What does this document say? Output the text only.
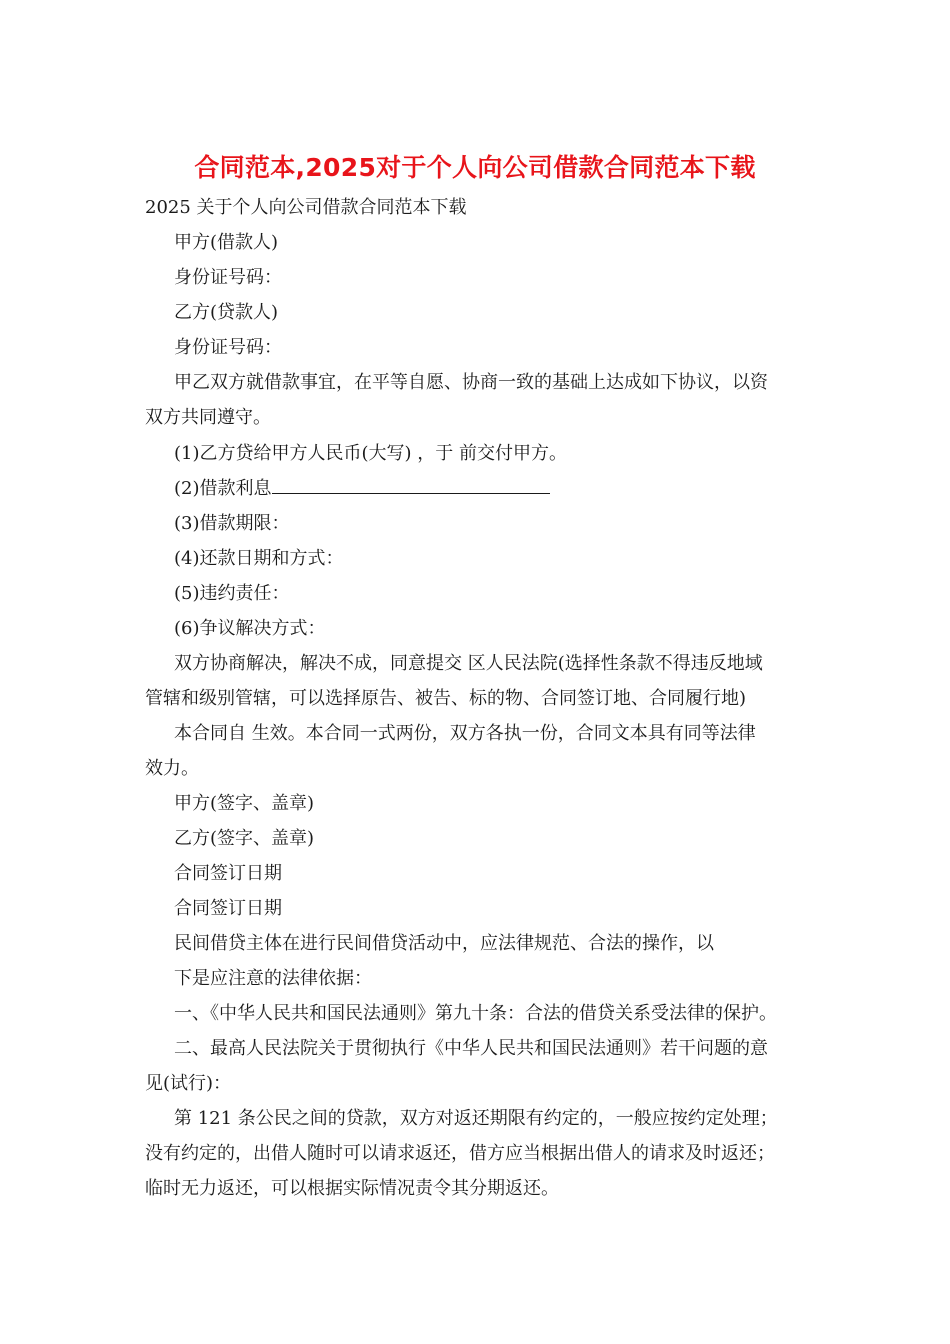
合同范本,2025对于个人向公司借款合同范本下载
2025 关于个人向公司借款合同范本下载
甲方(借款人)
身份证号码：
乙方(贷款人)
身份证号码：
甲乙双方就借款事宜，在平等自愿、协商一致的基础上达成如下协议，以资
双方共同遵守。
(1)乙方贷给甲方人民币(大写) ，于 前交付甲方。
(2)借款利息
(3)借款期限：
(4)还款日期和方式：
(5)违约责任：
(6)争议解决方式：
双方协商解决，解决不成，同意提交 区人民法院(选择性条款不得违反地域
管辖和级别管辖，可以选择原告、被告、标的物、合同签订地、合同履行地)
本合同自 生效。本合同一式两份，双方各执一份，合同文本具有同等法律
效力。
甲方(签字、盖章)
乙方(签字、盖章)
合同签订日期
合同签订日期
民间借贷主体在进行民间借贷活动中，应法律规范、合法的操作，以
下是应注意的法律依据：
一、《中华人民共和国民法通则》第九十条：合法的借贷关系受法律的保护。
二、最高人民法院关于贯彻执行《中华人民共和国民法通则》若干问题的意
见(试行)：
第 121 条公民之间的贷款，双方对返还期限有约定的，一般应按约定处理；
没有约定的，出借人随时可以请求返还，借方应当根据出借人的请求及时返还；
临时无力返还，可以根据实际情况责令其分期返还。
